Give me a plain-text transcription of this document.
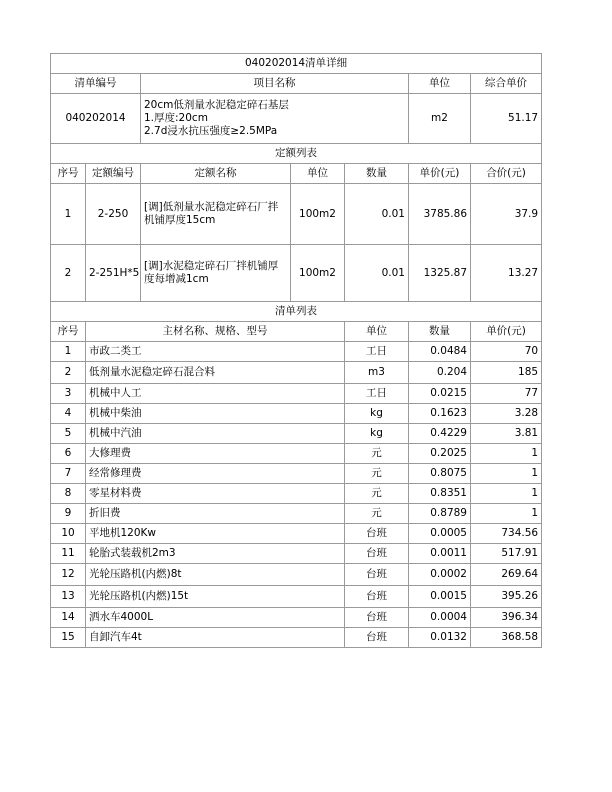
040202014清单详细							
清单编号		项目名称			单位	综合单价	
040202014		20cm低剂量水泥稳定碎石基层
1.厚度:20cm
2.7d浸水抗压强度≥2.5MPa			m2	51.17	
定额列表							
序号	定额编号	定额名称	单位	数量	单价(元)	合价(元)	
1	2-250	[调]低剂量水泥稳定碎石厂拌机铺厚度15cm	100m2	0.01	3785.86	37.9	
2	2-251H*5	[调]水泥稳定碎石厂拌机铺厚度每增减1cm	100m2	0.01	1325.87	13.27	
清单列表							
序号	主材名称、规格、型号			单位	数量	单价(元)	
1	市政二类工			工日	0.0484	70	
2	低剂量水泥稳定碎石混合料			m3	0.204	185	
3	机械中人工			工日	0.0215	77	
4	机械中柴油			kg	0.1623	3.28	
5	机械中汽油			kg	0.4229	3.81	
6	大修理费			元	0.2025	1	
7	经常修理费			元	0.8075	1	
8	零星材料费			元	0.8351	1	
9	折旧费			元	0.8789	1	
10	平地机120Kw			台班	0.0005	734.56	
11	轮胎式装载机2m3			台班	0.0011	517.91	
12	光轮压路机(内燃)8t			台班	0.0002	269.64	
13	光轮压路机(内燃)15t			台班	0.0015	395.26	
14	洒水车4000L			台班	0.0004	396.34	
15	自卸汽车4t			台班	0.0132	368.58	
